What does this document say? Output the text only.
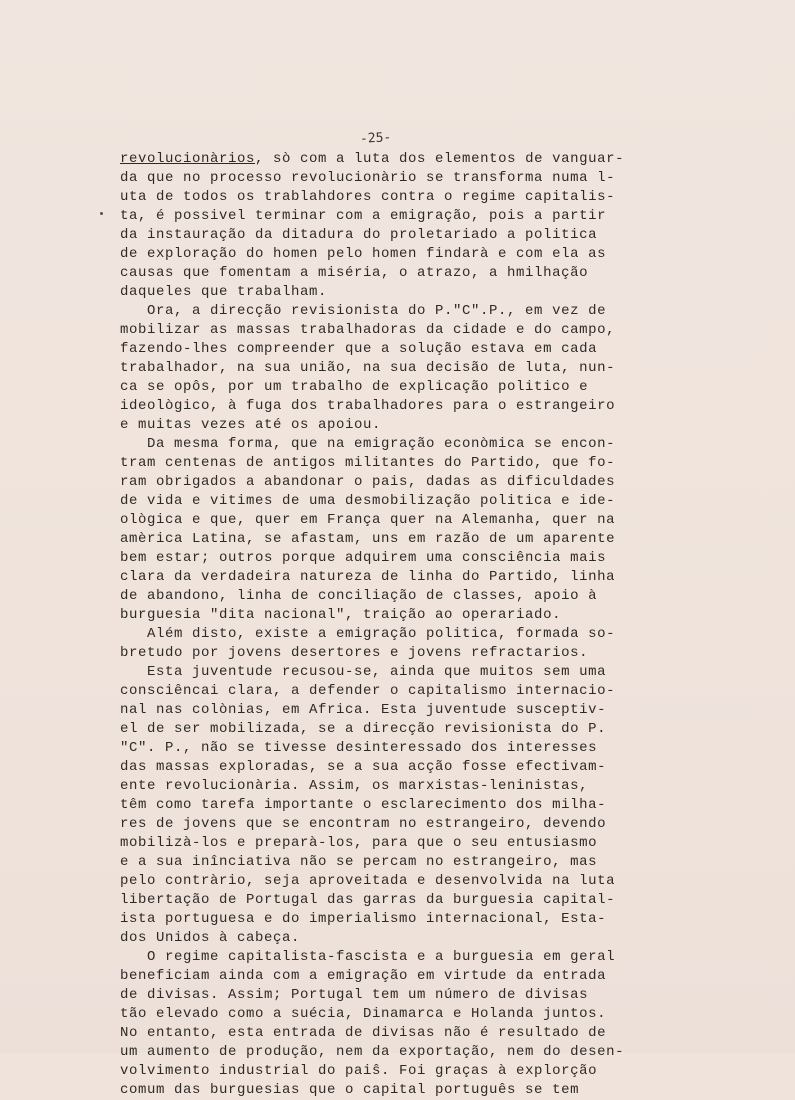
-25-
revolucionàrios, sò com a luta dos elementos de vanguar-
da que no processo revolucionàrio se transforma numa l-
uta de todos os trablahdores contra o regime capitalis-
ta, é possivel terminar com a emigração, pois a partir
da instauração da ditadura do proletariado a politica
de exploração do homen pelo homen findarà e com ela as
causas que fomentam a miséria, o atrazo, a hmilhação
daqueles que trabalham.
Ora, a direcção revisionista do P."C".P., em vez de
mobilizar as massas trabalhadoras da cidade e do campo,
fazendo-lhes compreender que a solução estava em cada
trabalhador, na sua união, na sua decisão de luta, nun-
ca se opôs, por um trabalho de explicação politico e
ideològico, à fuga dos trabalhadores para o estrangeiro
e muitas vezes até os apoiou.
Da mesma forma, que na emigração econòmica se encon-
tram centenas de antigos militantes do Partido, que fo-
ram obrigados a abandonar o pais, dadas as dificuldades
de vida e vitimes de uma desmobilização politica e ide-
ològica e que, quer em França quer na Alemanha, quer na
amèrica Latina, se afastam, uns em razão de um aparente
bem estar; outros porque adquirem uma consciência mais
clara da verdadeira natureza de linha do Partido, linha
de abandono, linha de conciliação de classes, apoio à
burguesia "dita nacional", traição ao operariado.
Além disto, existe a emigração politica, formada so-
bretudo por jovens desertores e jovens refractarios.
Esta juventude recusou-se, ainda que muitos sem uma
consciêncai clara, a defender o capitalismo internacio-
nal nas colònias, em Africa. Esta juventude susceptiv-
el de ser mobilizada, se a direcção revisionista do P.
"C". P., não se tivesse desinteressado dos interesses
das massas exploradas, se a sua acção fosse efectivam-
ente revolucionària. Assim, os marxistas-leninistas,
têm como tarefa importante o esclarecimento dos milha-
res de jovens que se encontram no estrangeiro, devendo
mobilizà-los e preparà-los, para que o seu entusiasmo
e a sua inînciativa não se percam no estrangeiro, mas
pelo contràrio, seja aproveitada e desenvolvida na luta
libertação de Portugal das garras da burguesia capital-
ista portuguesa e do imperialismo internacional, Esta-
dos Unidos à cabeça.
O regime capitalista-fascista e a burguesia em geral
beneficiam ainda com a emigração em virtude da entrada
de divisas. Assim; Portugal tem um número de divisas
tão elevado como a suécia, Dinamarca e Holanda juntos.
No entanto, esta entrada de divisas não é resultado de
um aumento de produção, nem da exportação, nem do desen-
volvimento industrial do paiŝ. Foi graças à explorção
comum das burguesias que o capital português se tem
